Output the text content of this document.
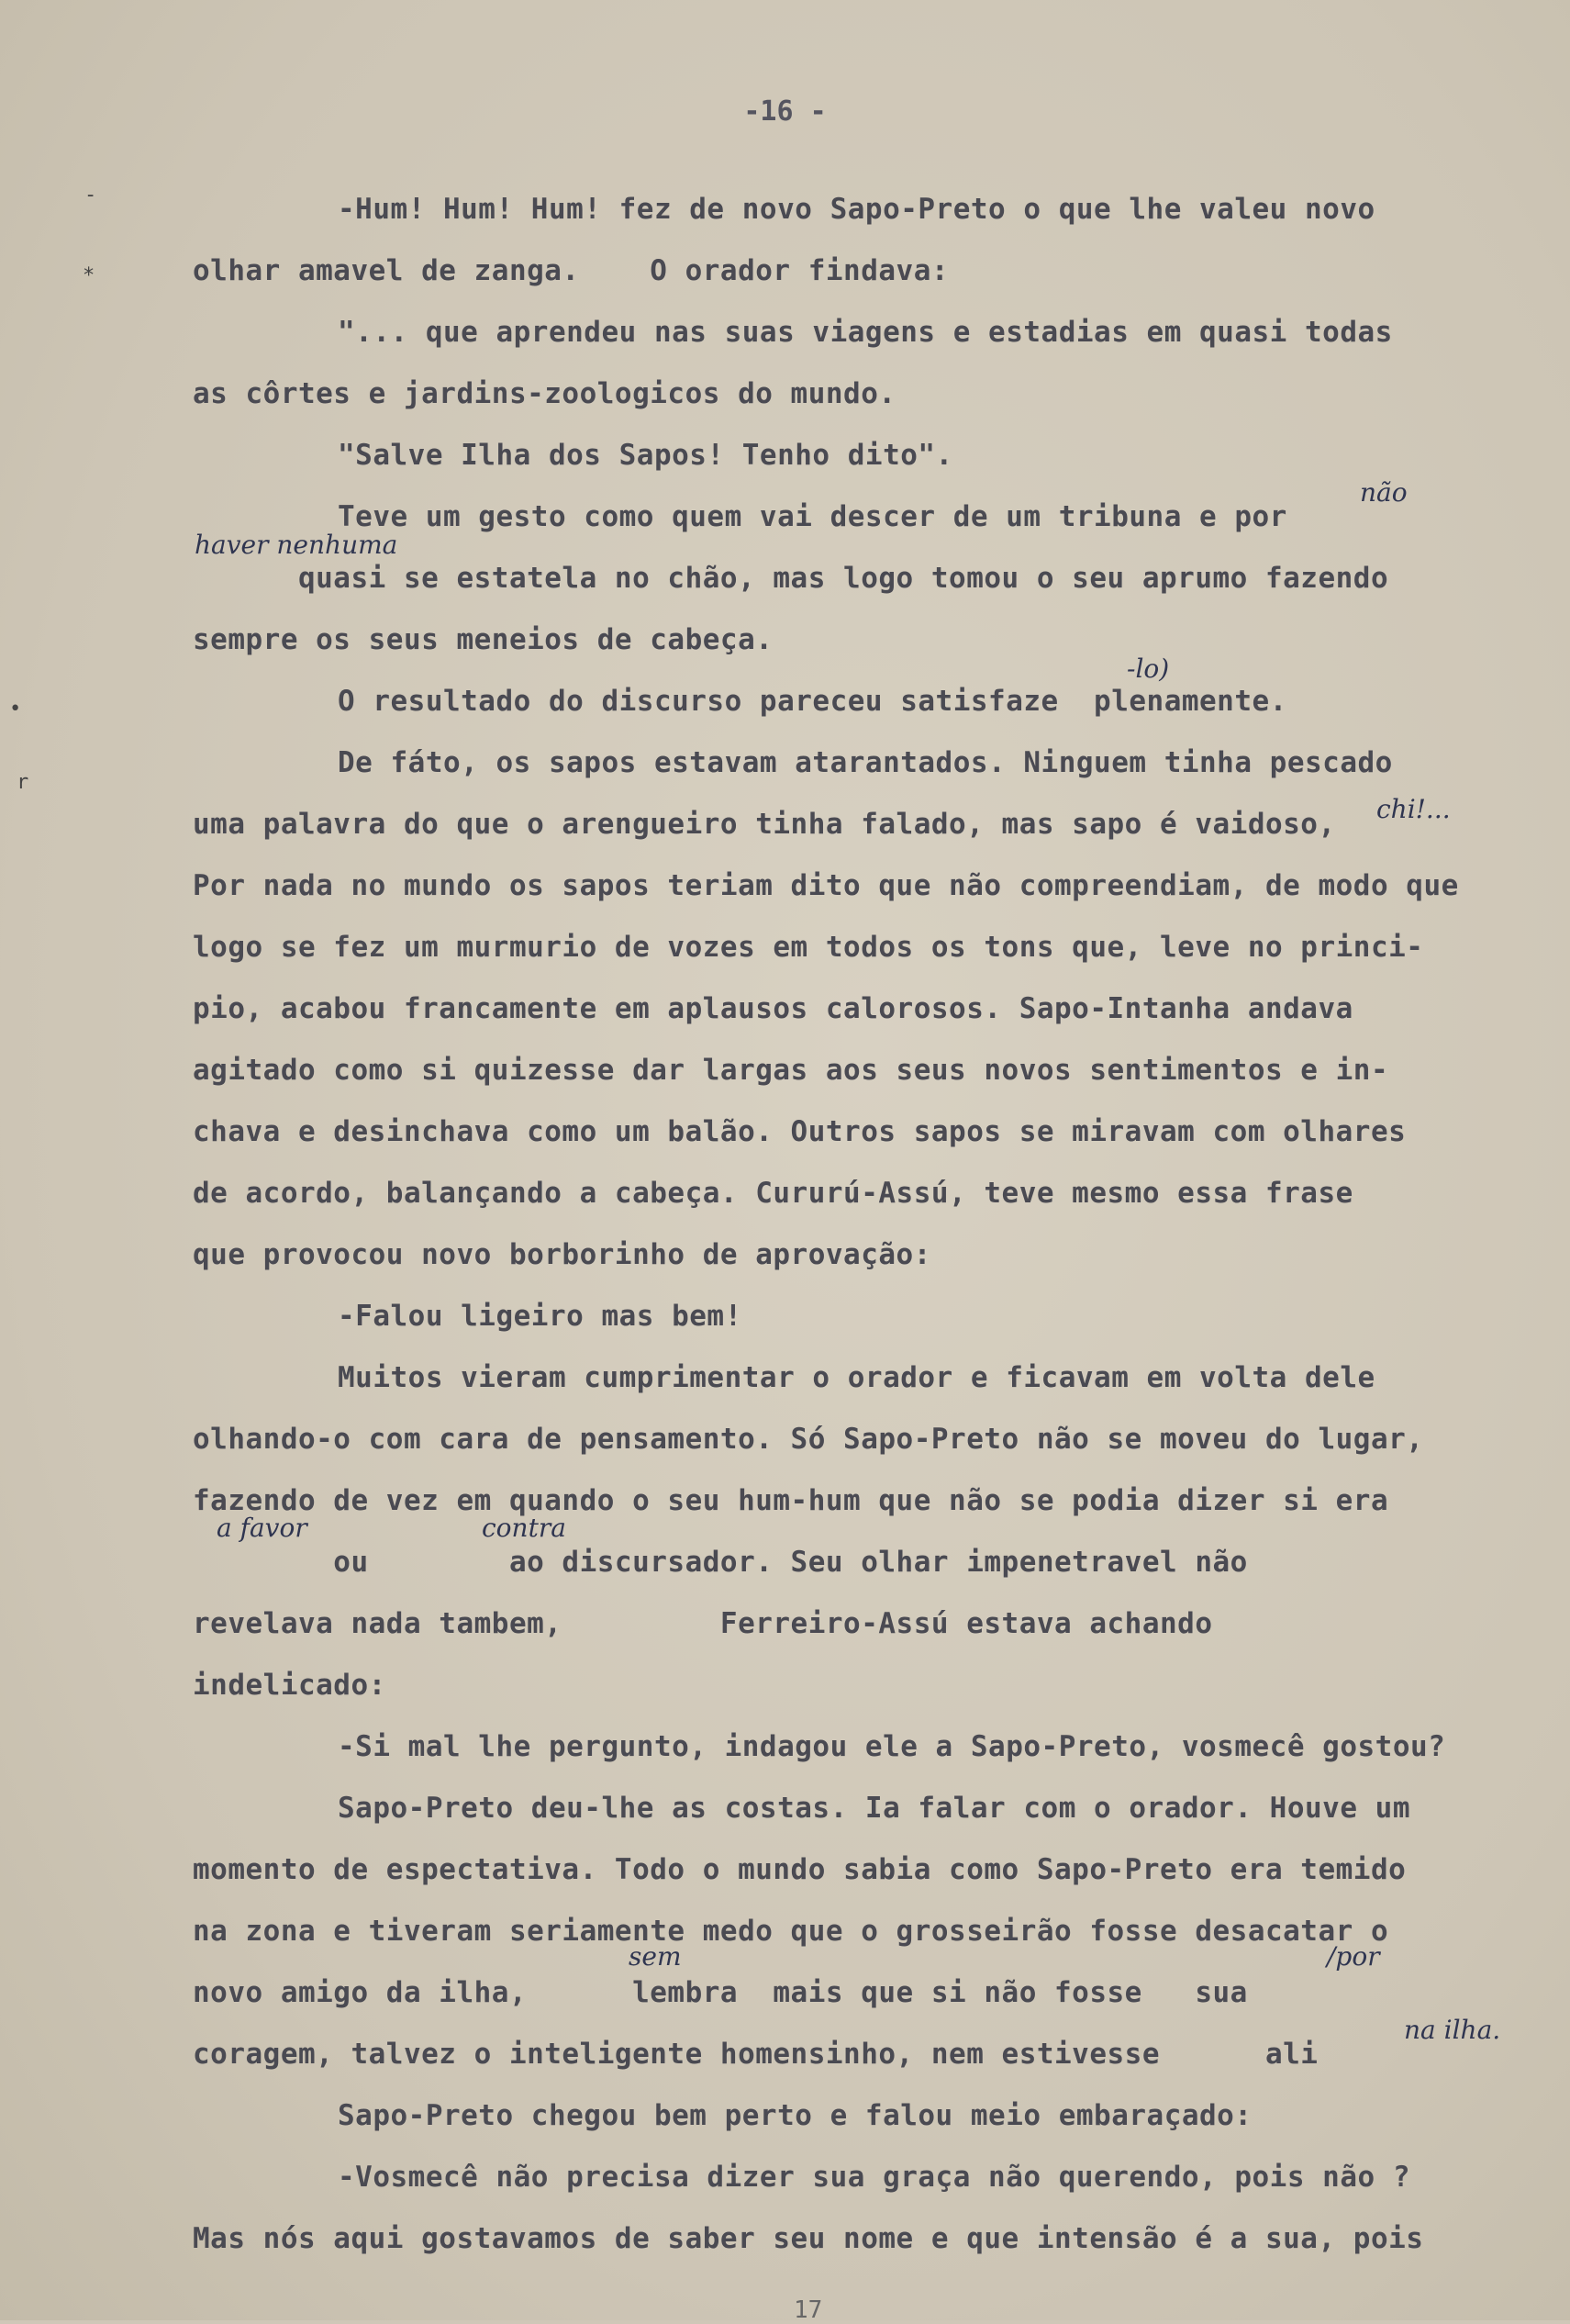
-16 -
-
*
•
r
-Hum! Hum! Hum! fez de novo Sapo-Preto o que lhe valeu novo
olhar amavel de zanga.    O orador findava:
"... que aprendeu nas suas viagens e estadias em quasi todas
as côrtes e jardins-zoologicos do mundo.
"Salve Ilha dos Sapos! Tenho dito".
Teve um gesto como quem vai descer de um tribuna e por
quasi se estatela no chão, mas logo tomou o seu aprumo fazendo
sempre os seus meneios de cabeça.
O resultado do discurso pareceu satisfaze  plenamente.
De fáto, os sapos estavam atarantados. Ninguem tinha pescado
uma palavra do que o arengueiro tinha falado, mas sapo é vaidoso,
Por nada no mundo os sapos teriam dito que não compreendiam, de modo que
logo se fez um murmurio de vozes em todos os tons que, leve no princi-
pio, acabou francamente em aplausos calorosos. Sapo-Intanha andava
agitado como si quizesse dar largas aos seus novos sentimentos e in-
chava e desinchava como um balão. Outros sapos se miravam com olhares
de acordo, balançando a cabeça. Cururú-Assú, teve mesmo essa frase
que provocou novo borborinho de aprovação:
-Falou ligeiro mas bem!
Muitos vieram cumprimentar o orador e ficavam em volta dele
olhando-o com cara de pensamento. Só Sapo-Preto não se moveu do lugar,
fazendo de vez em quando o seu hum-hum que não se podia dizer si era
ou        ao discursador. Seu olhar impenetravel não
revelava nada tambem,         Ferreiro-Assú estava achando
indelicado:
-Si mal lhe pergunto, indagou ele a Sapo-Preto, vosmecê gostou?
Sapo-Preto deu-lhe as costas. Ia falar com o orador. Houve um
momento de espectativa. Todo o mundo sabia como Sapo-Preto era temido
na zona e tiveram seriamente medo que o grosseirão fosse desacatar o
novo amigo da ilha,      lembra  mais que si não fosse   sua
coragem, talvez o inteligente homensinho, nem estivesse      ali
Sapo-Preto chegou bem perto e falou meio embaraçado:
-Vosmecê não precisa dizer sua graça não querendo, pois não ?
Mas nós aqui gostavamos de saber seu nome e que intensão é a sua, pois
não
haver nenhuma
-lo)
chi!...
a favor	contra
sem	/por
na ilha.
17
